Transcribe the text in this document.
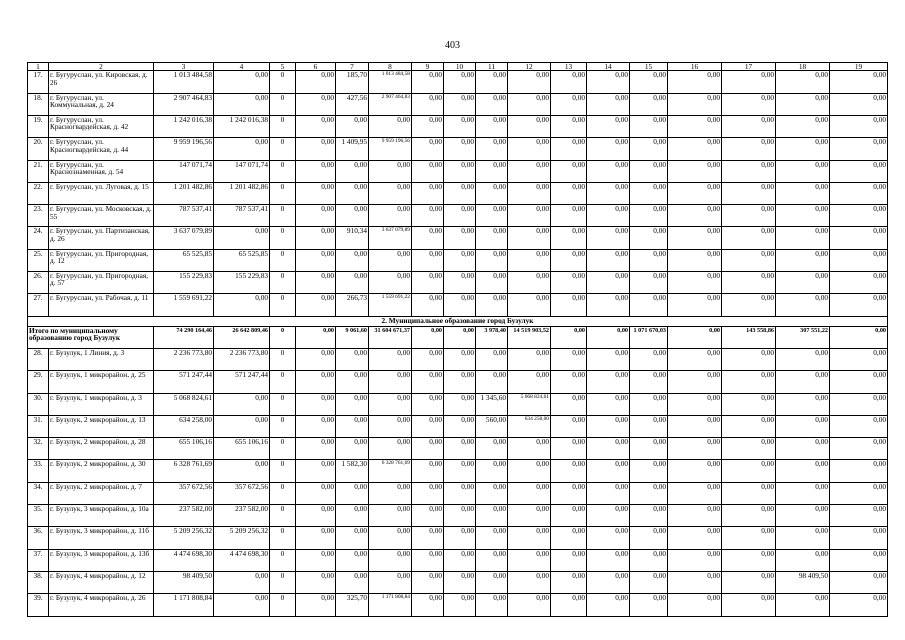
403
1	2	3	4	5	6	7	8	9	10	11	12	13	14	15	16	17	18	19
17.	г. Бугуруслан, ул. Кировская, д. 26	1 013 484,58	0,00	0	0,00	185,70	1 013 484,58	0,00	0,00	0,00	0,00	0,00	0,00	0,00	0,00	0,00	0,00	0,00
18.	г. Бугуруслан, ул. Коммунальная, д. 24	2 907 464,83	0,00	0	0,00	427,56	2 907 464,83	0,00	0,00	0,00	0,00	0,00	0,00	0,00	0,00	0,00	0,00	0,00
19.	г. Бугуруслан, ул. Красногвардейская, д. 42	1 242 016,38	1 242 016,38	0	0,00	0,00	0,00	0,00	0,00	0,00	0,00	0,00	0,00	0,00	0,00	0,00	0,00	0,00
20.	г. Бугуруслан, ул. Красногвардейская, д. 44	9 959 196,56	0,00	0	0,00	1 409,95	9 959 196,56	0,00	0,00	0,00	0,00	0,00	0,00	0,00	0,00	0,00	0,00	0,00
21.	г. Бугуруслан, ул. Краснознаменная, д. 54	147 071,74	147 071,74	0	0,00	0,00	0,00	0,00	0,00	0,00	0,00	0,00	0,00	0,00	0,00	0,00	0,00	0,00
22.	г. Бугуруслан, ул. Луговая, д. 15	1 201 482,86	1 201 482,86	0	0,00	0,00	0,00	0,00	0,00	0,00	0,00	0,00	0,00	0,00	0,00	0,00	0,00	0,00
23.	г. Бугуруслан, ул. Московская, д. 55	787 537,41	787 537,41	0	0,00	0,00	0,00	0,00	0,00	0,00	0,00	0,00	0,00	0,00	0,00	0,00	0,00	0,00
24.	г. Бугуруслан, ул. Партизанская, д. 26	3 637 079,89	0,00	0	0,00	910,34	3 637 079,89	0,00	0,00	0,00	0,00	0,00	0,00	0,00	0,00	0,00	0,00	0,00
25.	г. Бугуруслан, ул. Пригородная, д. 12	65 525,85	65 525,85	0	0,00	0,00	0,00	0,00	0,00	0,00	0,00	0,00	0,00	0,00	0,00	0,00	0,00	0,00
26.	г. Бугуруслан, ул. Пригородная, д. 57	155 229,83	155 229,83	0	0,00	0,00	0,00	0,00	0,00	0,00	0,00	0,00	0,00	0,00	0,00	0,00	0,00	0,00
27.	г. Бугуруслан, ул. Рабочая, д. 11	1 559 691,22	0,00	0	0,00	266,73	1 559 691,22	0,00	0,00	0,00	0,00	0,00	0,00	0,00	0,00	0,00	0,00	0,00
2. Муниципальное образование город Бузулук																		
Итого по муниципальному образованию город Бузулук		74 290 164,46	26 642 809,46	0	0,00	9 061,60	31 604 671,37	0,00	0,00	3 978,40	14 519 903,52	0,00	0,00	1 071 670,03	0,00	143 558,86	307 551,22	0,00
28.	г. Бузулук, 1 Линия, д. 3	2 236 773,80	2 236 773,80	0	0,00	0,00	0,00	0,00	0,00	0,00	0,00	0,00	0,00	0,00	0,00	0,00	0,00	0,00
29.	г. Бузулук, 1 микрорайон, д. 25	571 247,44	571 247,44	0	0,00	0,00	0,00	0,00	0,00	0,00	0,00	0,00	0,00	0,00	0,00	0,00	0,00	0,00
30.	г. Бузулук, 1 микрорайон, д. 3	5 068 824,61	0,00	0	0,00	0,00	0,00	0,00	0,00	1 345,60	5 068 824,61	0,00	0,00	0,00	0,00	0,00	0,00	0,00
31.	г. Бузулук, 2 микрорайон, д. 13	634 258,00	0,00	0	0,00	0,00	0,00	0,00	0,00	560,00	634 258,00	0,00	0,00	0,00	0,00	0,00	0,00	0,00
32.	г. Бузулук, 2 микрорайон, д. 28	655 106,16	655 106,16	0	0,00	0,00	0,00	0,00	0,00	0,00	0,00	0,00	0,00	0,00	0,00	0,00	0,00	0,00
33.	г. Бузулук, 2 микрорайон, д. 30	6 328 761,69	0,00	0	0,00	1 582,30	6 328 761,69	0,00	0,00	0,00	0,00	0,00	0,00	0,00	0,00	0,00	0,00	0,00
34.	г. Бузулук, 2 микрорайон, д. 7	357 672,56	357 672,56	0	0,00	0,00	0,00	0,00	0,00	0,00	0,00	0,00	0,00	0,00	0,00	0,00	0,00	0,00
35.	г. Бузулук, 3 микрорайон, д. 10а	237 582,00	237 582,00	0	0,00	0,00	0,00	0,00	0,00	0,00	0,00	0,00	0,00	0,00	0,00	0,00	0,00	0,00
36.	г. Бузулук, 3 микрорайон, д. 11б	5 209 256,32	5 209 256,32	0	0,00	0,00	0,00	0,00	0,00	0,00	0,00	0,00	0,00	0,00	0,00	0,00	0,00	0,00
37.	г. Бузулук, 3 микрорайон, д. 13б	4 474 698,30	4 474 698,30	0	0,00	0,00	0,00	0,00	0,00	0,00	0,00	0,00	0,00	0,00	0,00	0,00	0,00	0,00
38.	г. Бузулук, 4 микрорайон, д. 12	98 409,50	0,00	0	0,00	0,00	0,00	0,00	0,00	0,00	0,00	0,00	0,00	0,00	0,00	0,00	98 409,50	0,00
39.	г. Бузулук, 4 микрорайон, д. 26	1 171 808,84	0,00	0	0,00	325,70	1 171 808,84	0,00	0,00	0,00	0,00	0,00	0,00	0,00	0,00	0,00	0,00	0,00
